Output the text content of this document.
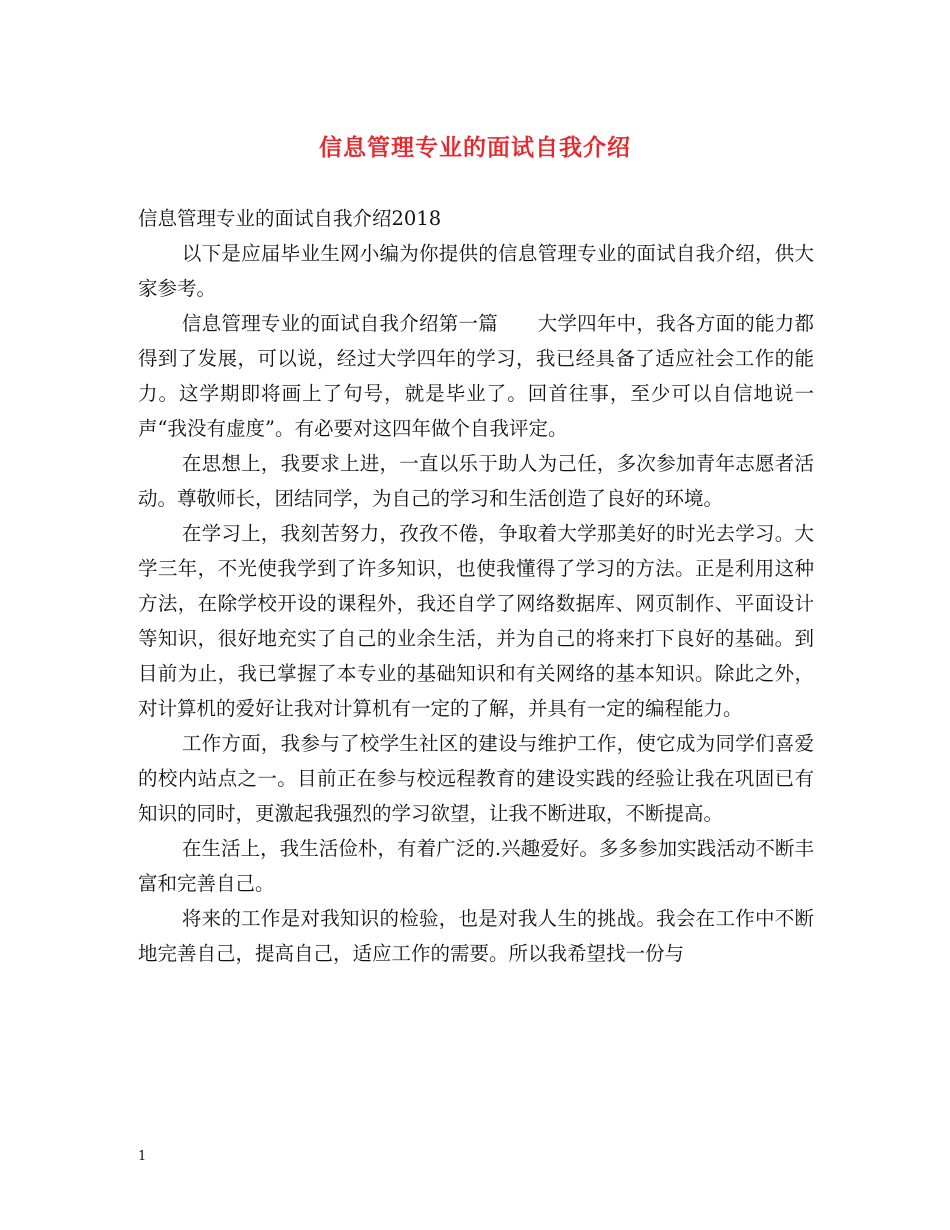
信息管理专业的面试自我介绍

信息管理专业的面试自我介绍2018

以下是应届毕业生网小编为你提供的信息管理专业的面试自我介绍，供大家参考。

信息管理专业的面试自我介绍第一篇　　大学四年中，我各方面的能力都得到了发展，可以说，经过大学四年的学习，我已经具备了适应社会工作的能力。这学期即将画上了句号，就是毕业了。回首往事，至少可以自信地说一声“我没有虚度”。有必要对这四年做个自我评定。

在思想上，我要求上进，一直以乐于助人为己任，多次参加青年志愿者活动。尊敬师长，团结同学，为自己的学习和生活创造了良好的环境。

在学习上，我刻苦努力，孜孜不倦，争取着大学那美好的时光去学习。大学三年，不光使我学到了许多知识，也使我懂得了学习的方法。正是利用这种方法，在除学校开设的课程外，我还自学了网络数据库、网页制作、平面设计等知识，很好地充实了自己的业余生活，并为自己的将来打下良好的基础。到目前为止，我已掌握了本专业的基础知识和有关网络的基本知识。除此之外，对计算机的爱好让我对计算机有一定的了解，并具有一定的编程能力。

工作方面，我参与了校学生社区的建设与维护工作，使它成为同学们喜爱的校内站点之一。目前正在参与校远程教育的建设实践的经验让我在巩固已有知识的同时，更激起我强烈的学习欲望，让我不断进取，不断提高。

在生活上，我生活俭朴，有着广泛的.兴趣爱好。多多参加实践活动不断丰富和完善自己。

将来的工作是对我知识的检验，也是对我人生的挑战。我会在工作中不断地完善自己，提高自己，适应工作的需要。所以我希望找一份与

1
